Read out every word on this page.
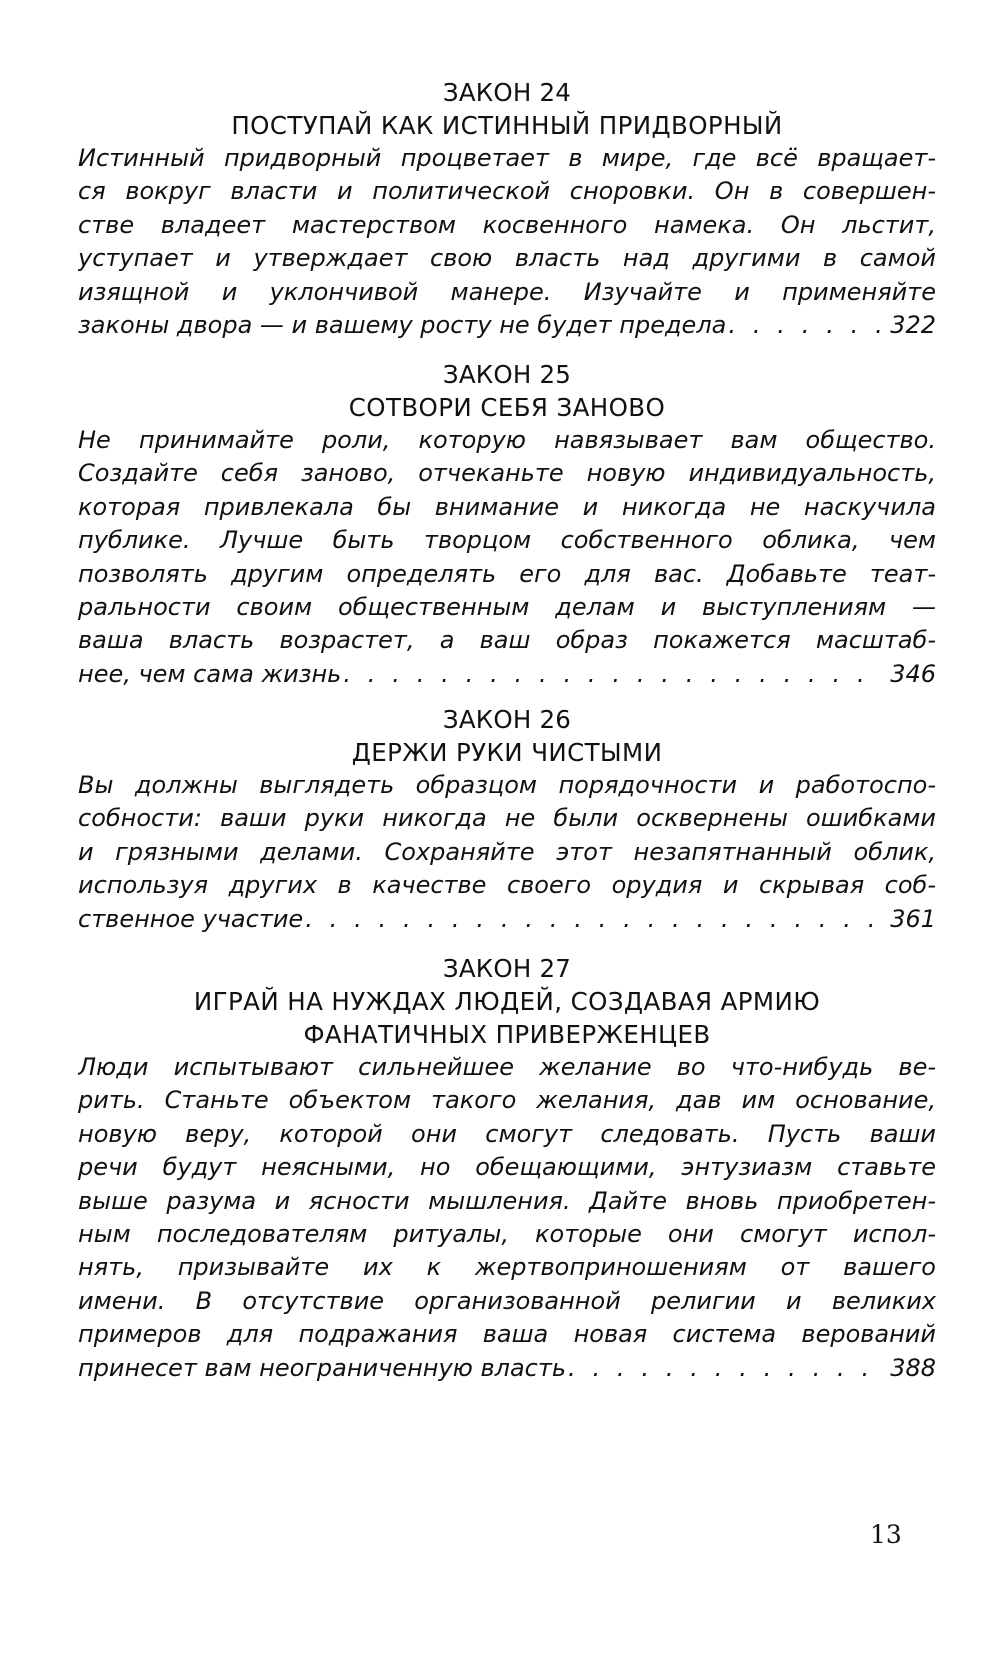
ЗАКОН 24
ПОСТУПАЙ КАК ИСТИННЫЙ ПРИДВОРНЫЙ
Истинный придворный процветает в мире, где всё вращает-
ся вокруг власти и политической сноровки. Он в совершен-
стве владеет мастерством косвенного намека. Он льстит,
уступает и утверждает свою власть над другими в самой
изящной и уклончивой манере. Изучайте и применяйте
законы двора — и вашему росту не будет предела . . .	322
ЗАКОН 25
СОТВОРИ СЕБЯ ЗАНОВО
Не принимайте роли, которую навязывает вам общество.
Создайте себя заново, отчеканьте новую индивидуальность,
которая привлекала бы внимание и никогда не наскучила
публике. Лучше быть творцом собственного облика, чем
позволять другим определять его для вас. Добавьте теат-
ральности своим общественным делам и выступлениям —
ваша власть возрастет, а ваш образ покажется масштаб-
нее, чем сама жизнь . . .	346
ЗАКОН 26
ДЕРЖИ РУКИ ЧИСТЫМИ
Вы должны выглядеть образцом порядочности и работоспо-
собности: ваши руки никогда не были осквернены ошибками
и грязными делами. Сохраняйте этот незапятнанный облик,
используя других в качестве своего орудия и скрывая соб-
ственное участие . . .	361
ЗАКОН 27
ИГРАЙ НА НУЖДАХ ЛЮДЕЙ, СОЗДАВАЯ АРМИЮ
ФАНАТИЧНЫХ ПРИВЕРЖЕНЦЕВ
Люди испытывают сильнейшее желание во что-нибудь ве-
рить. Станьте объектом такого желания, дав им основание,
новую веру, которой они смогут следовать. Пусть ваши
речи будут неясными, но обещающими, энтузиазм ставьте
выше разума и ясности мышления. Дайте вновь приобретен-
ным последователям ритуалы, которые они смогут испол-
нять, призывайте их к жертвоприношениям от вашего
имени. В отсутствие организованной религии и великих
примеров для подражания ваша новая система верований
принесет вам неограниченную власть . . .	388
13
